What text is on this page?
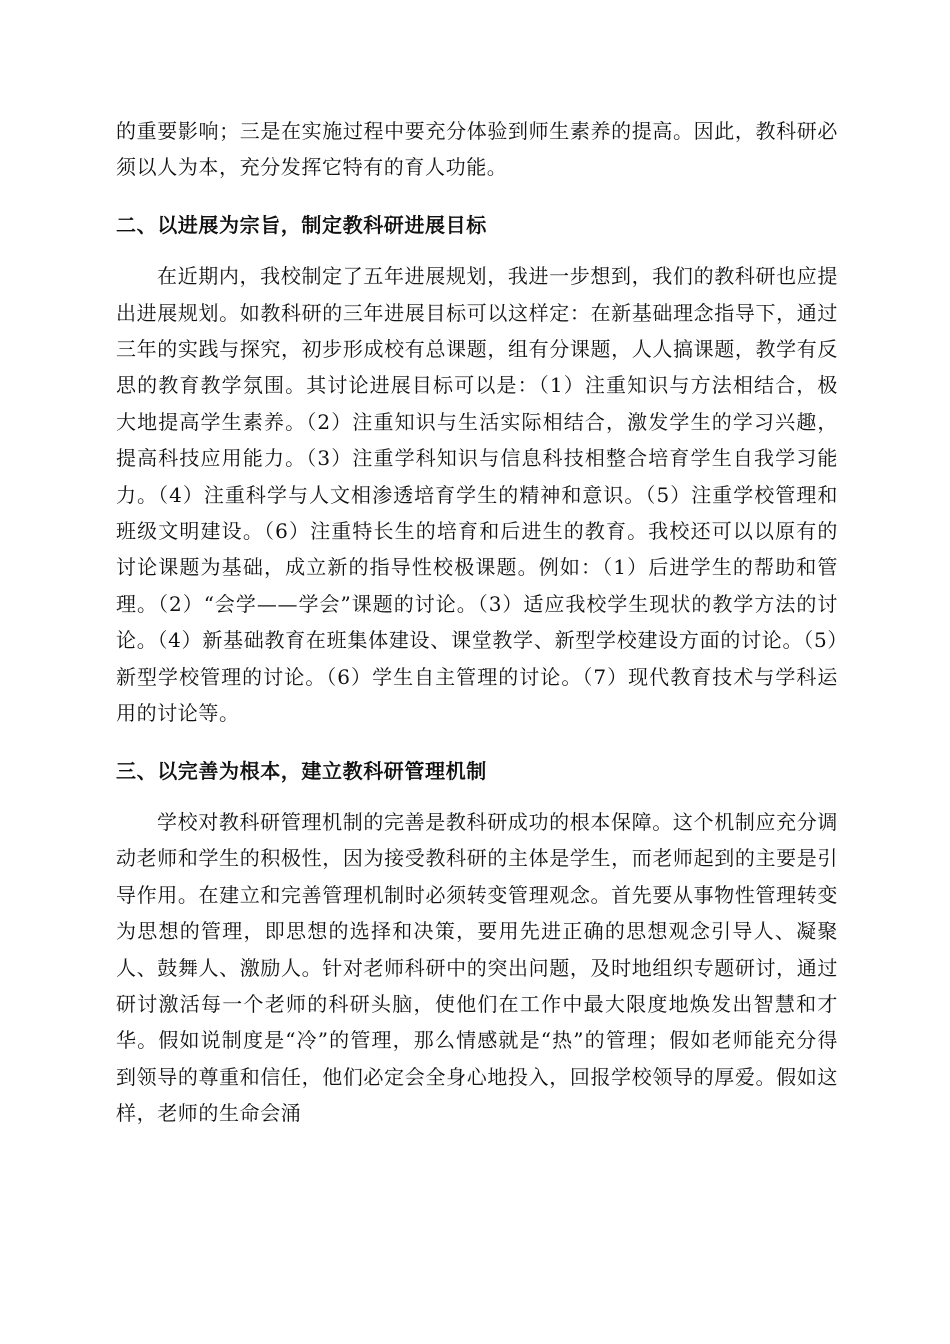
的重要影响；三是在实施过程中要充分体验到师生素养的提高。因此，教科研必须以人为本，充分发挥它特有的育人功能。

二、以进展为宗旨，制定教科研进展目标

在近期内，我校制定了五年进展规划，我进一步想到，我们的教科研也应提出进展规划。如教科研的三年进展目标可以这样定：在新基础理念指导下，通过三年的实践与探究，初步形成校有总课题，组有分课题，人人搞课题，教学有反思的教育教学氛围。其讨论进展目标可以是：（1）注重知识与方法相结合，极大地提高学生素养。（2）注重知识与生活实际相结合，激发学生的学习兴趣，提高科技应用能力。（3）注重学科知识与信息科技相整合培育学生自我学习能力。（4）注重科学与人文相渗透培育学生的精神和意识。（5）注重学校管理和班级文明建设。（6）注重特长生的培育和后进生的教育。我校还可以以原有的讨论课题为基础，成立新的指导性校极课题。例如：（1）后进学生的帮助和管理。（2）“会学——学会”课题的讨论。（3）适应我校学生现状的教学方法的讨论。（4）新基础教育在班集体建设、课堂教学、新型学校建设方面的讨论。（5）新型学校管理的讨论。（6）学生自主管理的讨论。（7）现代教育技术与学科运用的讨论等。

三、以完善为根本，建立教科研管理机制

学校对教科研管理机制的完善是教科研成功的根本保障。这个机制应充分调动老师和学生的积极性，因为接受教科研的主体是学生，而老师起到的主要是引导作用。在建立和完善管理机制时必须转变管理观念。首先要从事物性管理转变为思想的管理，即思想的选择和决策，要用先进正确的思想观念引导人、凝聚人、鼓舞人、激励人。针对老师科研中的突出问题，及时地组织专题研讨，通过研讨激活每一个老师的科研头脑，使他们在工作中最大限度地焕发出智慧和才华。假如说制度是“冷”的管理，那么情感就是“热”的管理；假如老师能充分得到领导的尊重和信任，他们必定会全身心地投入，回报学校领导的厚爱。假如这样，老师的生命会涌
